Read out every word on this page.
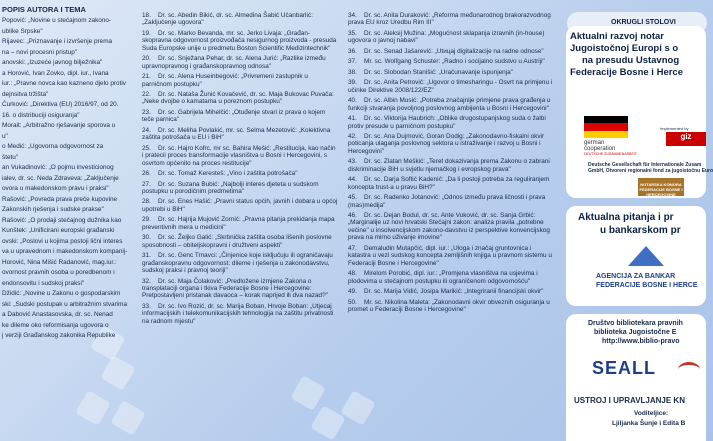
POPIS AUTORA I TEMA
Popović: „Novine u stečajnom zakono-
ublike Srpske"
Rijavec: „Priznavanje i izvršenje prema
na – novi procesni pristup"
anovski: „Izuzeće javnog bilježnika"
a Horović, Ivan Zovko, dipl. iur., Ivana
iur.: „Pravne novca kao kazneno djelo protiv
dejnsitva tržišta"
Ćurković: „Direktiva (EU) 2016/97, od 20.
16. o distribuciji osiguranja"
Morait: „Arbitražno rješavanje sporova u
u"
o Medić: „Ugovorna odgovornost za
štetu"
an Vukadinović: „O pojmu investicionog
ialev, dr. sc. Neda Zdraveva: „Zaključenje
ovora u makedonskom pravu i praksi"
Rašović: „Povreda prava preče kupovine
Zakonskih rješenja i sudske prakse"
Rašović: „O prodaji stečajnog dužnika kao
Kunštek: „Unificirani europski građanski
ovski: „Poslovi u kojima postoji lični interes
va u upravednom i makedonskom kompanij-
Horović, Nina Mišić Radanović, mag.iur.:
ovornost pravnih osoba u poredbenom i
endonsovitu i sudskoj praksi"
Džidić: „Novine u Zakonu o gospodarskim
ski: „Sudski postupak u arbitražnim stvarima
a Dabović Anastasovska, dr. sc. Nenad
ke dileme oko reformisanja ugovora o
j verziji Građanskog zakonika Republike
18. Dr. sc. Abedin Bikić, dr. sc. Almedina Šabić Učanbarlić: „Zaključenje ugovora"
19. Dr. sc. Marko Bevanda, mr. sc. Jerko Livaja: „Građan-skopravna odgovornost proizvođača nesigurnog proizvoda - presuda Suda Europske unije u predmetu Boston Scientific Medizintechnik"
20. Dr. sc. Snježana Pehar, dr. sc. Alena Jurić: „Razlike između upravnopravnog i građanskopravnog odnosa"
21. Dr. sc. Alena Huseinbegović: „Privremeni zastupnik u parničnom postupku"
22. Dr. sc. Nataša Žunić Kovačević, dr. sc. Maja Bukovac Puvača: „Neke dvojbe o kamatama u poreznom postupku"
23. Dr. sc. Gabrijela Mihelčić: „Otuđenje stvari iz prava o kojem teče parnica"
24. Dr. sc. Meliha Povlakić, mr. sc. Selma Mezetović: „Kolektivna zaštita potrošača u EU i BiH"
25. Dr. sc. Hajro Kofrc, mr sc. Bahira Mešić: „Restitucija, kao način i pratecii proces transformacije vlasništva u Bosni i Hercegovini, s osvrtom općenito na proces restitucije"
26. Dr. sc. Tomaž Keresteš: „Vino i zaštita potrošača"
27. Dr. sc. Suzana Bubić: „Najbolji interes djeteta u sudskom postupku u porodičnim predmetima"
28. Dr. sc. Enes Hašić: „Pravni status općih, javnih i dobara u općoj upotrebi u BiH"
29. Dr. sc. Hajrija Mujović Zornić: „Pravna pitanja prekidanja mapa preventivnih mera u medicini"
30. Dr. sc. Željko Galić: „Skrbnička zaštita osoba lišenih poslovne sposobnosti – obiteljskopravni i družtveni aspekti"
31. Dr. sc. Genc Trnavci: „Činjenice koje isključuju ili ograničavaju građanskopravnu odgovornost: dileme i rješenja u zakonodavstvu, sudskoj praksi i pravnoj teoriji"
32. Dr. sc. Maja Čolaković: „Predložene izmjene Zakona o transplataciji organa i tkiva Federacije Bosne i Hercegovine: Pretpostavljeni pristanak davaoca – korak naprijed ili dva nazad?"
33. Dr. sc. Ivo Rozić, dr. sc. Marija Boban, Hrvoje Boban: „Utjecaj informacijskih i telekomunikacijskih tehnologija na zaštitu privatnosti na radnom mjestu"
34. Dr. sc. Anita Duraković: „Reforma međunarodnog brakorazvodnog prava EU kroz Uredbu Rim III"
35. Dr. sc. Aleksij Mužina: „Mogućnost sklapanja izravnih (in-house) ugovora o javnoj nabavi"
36. Dr. sc. Senad Jašarević: „Utицaj digitalizacije na radne odnose"
37. Mr. sc. Wolfgang Schuster: „Radno i socijalno sudstvo u Austriji"
38. Dr. sc. Slobodan Stanišić: „Uračunavanje ispunjenja"
39. Dr. sc. Anita Petrović: „Ugovor o timesharingu - Osvrt na primjenu i učinke Direktive 2008/122/EZ"
40. Dr. sc. Albin Musić: „Potreba značajnije primjene prava građenja u funkciji stvaranja povoljnog poslovnog ambijenta u Bosni i Hercegovini"
41. Dr. sc. Viktorija Haubrich: „Oblike drugostupanjskog suda o žalbi protiv presude u parničnom postupku"
42. Dr. sc. Ana Dujmović, Goran Dodig: „Zakonodavno-fiskalni okvir poticanja ulaganja poslovnog sektora u istraživanje i razvoj u Bosni i Hercegovini"
43. Dr. sc. Zlatan Meškić: „Teret dokazivanja prema Zakonu o zabrani diskriminacije BiH u svjetlu njemačkog i evropskog prava"
44. Dr. sc. Darja Softić Kadenić: „Da li postoji potreba za reguliranjem koncepta trust-a u pravu BiH?"
45. Dr. sc. Radenko Jotanović: „Odnos između prava ličnosti i prava (mas)medija"
46. Dr. sc. Dejan Bodul, dr. sc. Ante Vuković, dr. sc. Sanja Grbić: „Marginalije uz novi hrvatski Stečajni zakon: analiza pravila „potrebne večine" u insolvencijskom zakono-davstvu iz perspektive konvencijskog prava na mirno uživanje imovine"
47. Demaludin Mutapčić, dipl. iur.: „Uloga i značaj gruntovnica i katastra u vezi sudskog koncepta zemljišnih knjiga u pravnom sistemu u Federaciji Bosne i Hercegovine"
48. Mirelom Porobić, dipl. iur.: „Promjena vlasništva na usjevima i plodovima u stečajnom postupku ili ograničenom odgovornošću"
49. Dr. sc. Marija Vidić, Josipa Marikić: „Integriranii financijski okvir"
50. Mr. sc. Nikolina Maleta: „Zakonodavni okvir obveznih osiguranja u promet u Federaciji Bosne i Hercegovine"
OKRUGLI STOLOVI
Aktualni razvoj notar
Jugoistočnoj Europi s o
na presudu Ustavnog
Federacije Bosne i Herce
german
cooperation
DEUTSCHE ZUSAMMENARBEIT
Implemented by
giz
Deutsche Gesellschaft für Internationale Zusam
GmbH, Otvoreni regionalni fond za jugoistočnu Euro
NOTARSKA KOMORA FEDERACIJE BOSNE I HERCEGOVINE
Aktualna pitanja i pr
u bankarskom pr
AGENCIJA ZA BANKAR
FEDERACIJE BOSNE I HERCE
Društvo bibliotekara pravnih
biblioteka Jugoistočne E
http://www.biblio-pravo
SEALL
USTROJ I UPRAVLJANJE KN
Voditeljice:
Ljiljanka Šunje i Edita B
